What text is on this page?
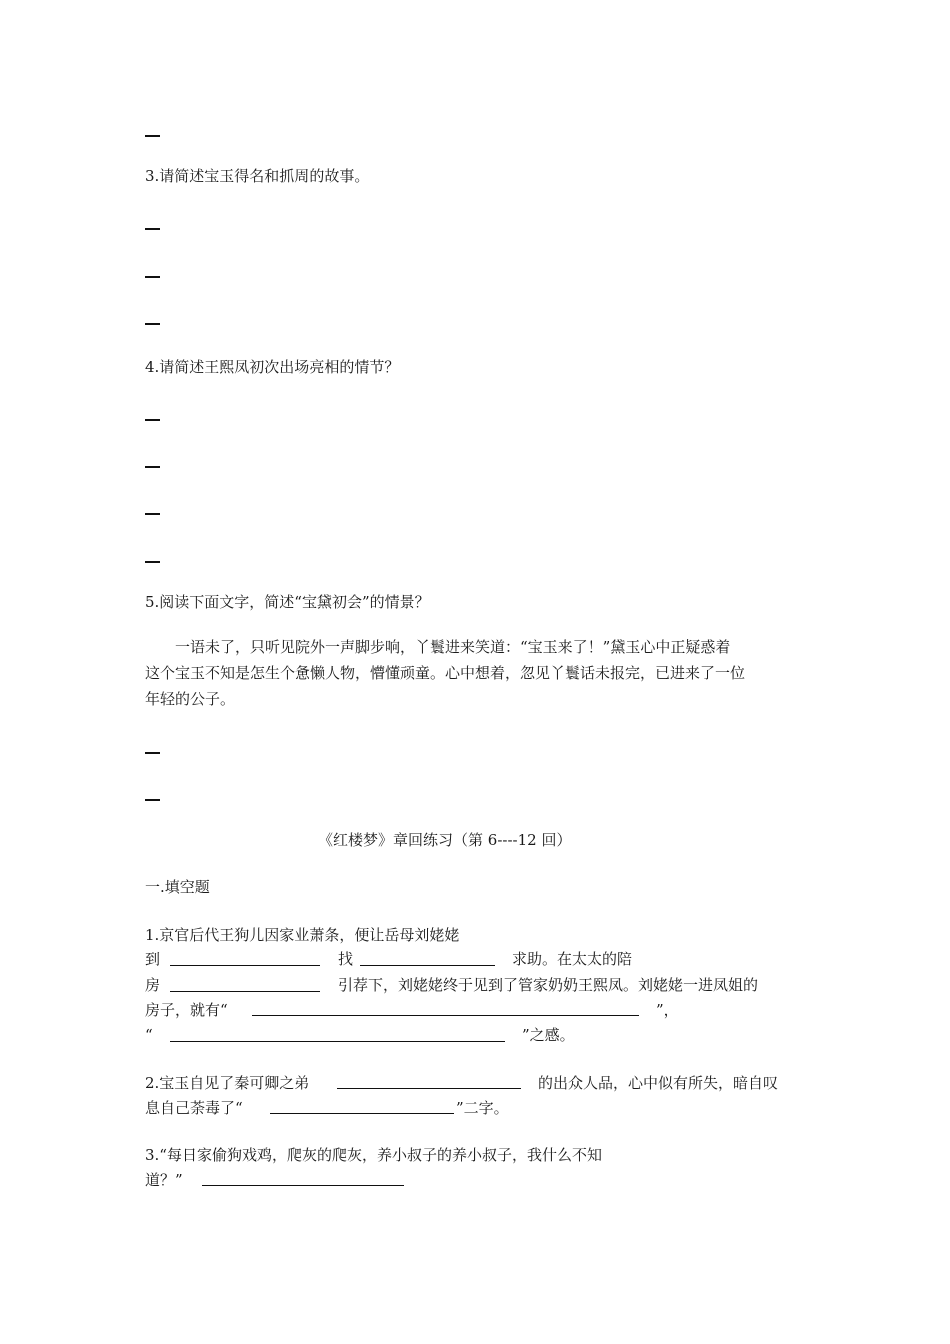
3.请简述宝玉得名和抓周的故事。
4.请简述王熙凤初次出场亮相的情节？
5.阅读下面文字，简述“宝黛初会”的情景？
一语未了，只听见院外一声脚步响，丫鬟进来笑道：“宝玉来了！”黛玉心中正疑惑着
这个宝玉不知是怎生个惫懒人物，懵懂顽童。心中想着，忽见丫鬟话未报完，已进来了一位
年轻的公子。
《红楼梦》章回练习（第 6----12 回）
一.填空题
1.京官后代王狗儿因家业萧条，便让岳母刘姥姥
到	找	求助。在太太的陪
房	引荐下，刘姥姥终于见到了管家奶奶王熙凤。刘姥姥一进凤姐的
房子，就有“	”，
“	”之感。
2.宝玉自见了秦可卿之弟	的出众人品，心中似有所失，暗自叹
息自己荼毒了“	”二字。
3.“每日家偷狗戏鸡，爬灰的爬灰，养小叔子的养小叔子，我什么不知
道？”
